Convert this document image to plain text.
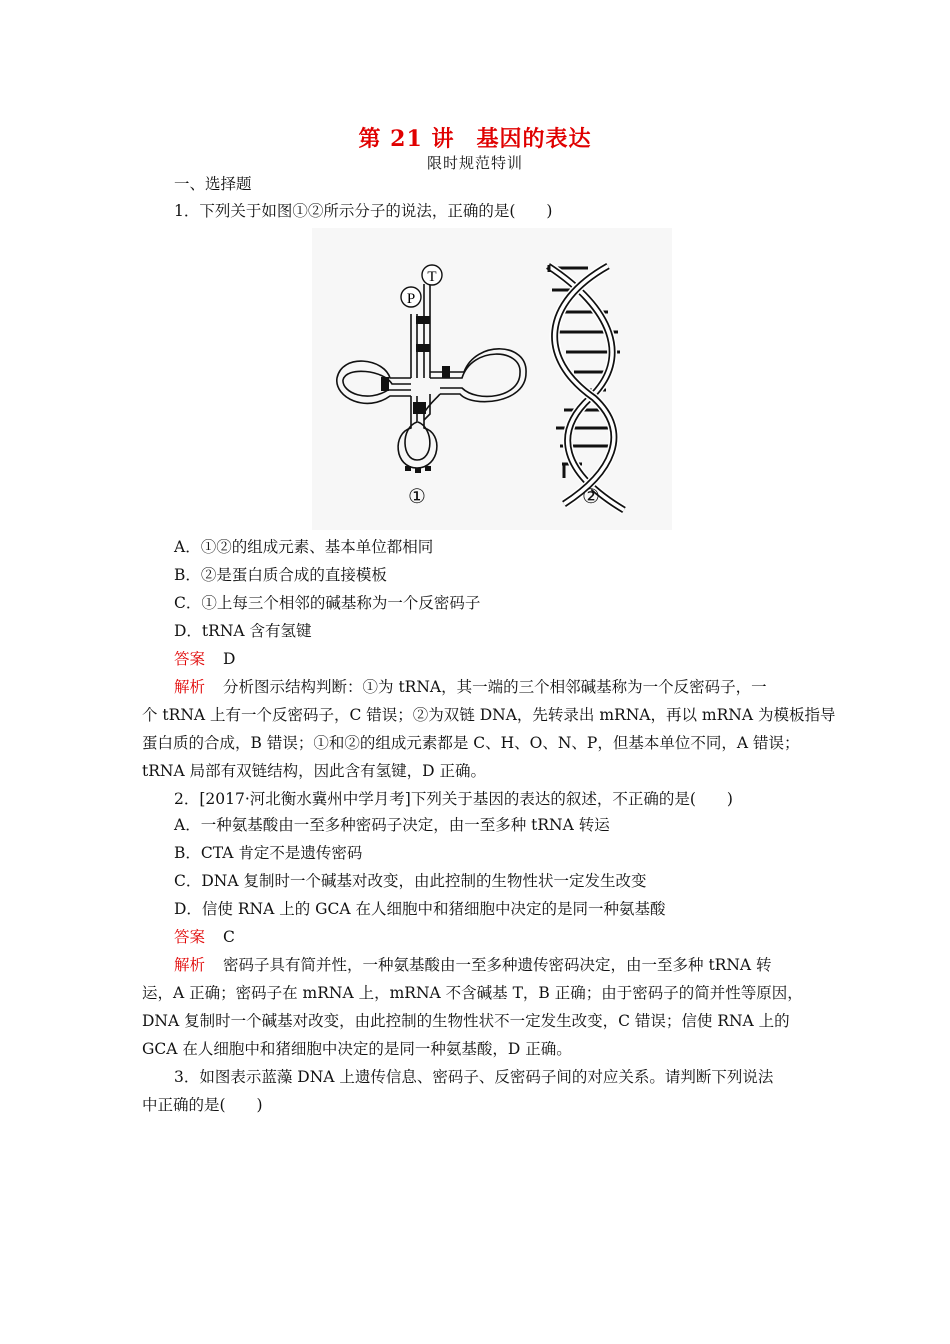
第 21 讲 基因的表达
限时规范特训
一、选择题
1．下列关于如图①②所示分子的说法，正确的是(　　)
P
T
①	②
A．①②的组成元素、基本单位都相同
B．②是蛋白质合成的直接模板
C．①上每三个相邻的碱基称为一个反密码子
D．tRNA 含有氢键
答案 D
解析 分析图示结构判断：①为 tRNA，其一端的三个相邻碱基称为一个反密码子，一
个 tRNA 上有一个反密码子，C 错误；②为双链 DNA，先转录出 mRNA，再以 mRNA 为模板指导
蛋白质的合成，B 错误；①和②的组成元素都是 C、H、O、N、P，但基本单位不同，A 错误；
tRNA 局部有双链结构，因此含有氢键，D 正确。
2．[2017·河北衡水冀州中学月考]下列关于基因的表达的叙述，不正确的是(　　)
A．一种氨基酸由一至多种密码子决定，由一至多种 tRNA 转运
B．CTA 肯定不是遗传密码
C．DNA 复制时一个碱基对改变，由此控制的生物性状一定发生改变
D．信使 RNA 上的 GCA 在人细胞中和猪细胞中决定的是同一种氨基酸
答案 C
解析 密码子具有简并性，一种氨基酸由一至多种遗传密码决定，由一至多种 tRNA 转
运，A 正确；密码子在 mRNA 上，mRNA 不含碱基 T，B 正确；由于密码子的简并性等原因，
DNA 复制时一个碱基对改变，由此控制的生物性状不一定发生改变，C 错误；信使 RNA 上的
GCA 在人细胞中和猪细胞中决定的是同一种氨基酸，D 正确。
3．如图表示蓝藻 DNA 上遗传信息、密码子、反密码子间的对应关系。请判断下列说法
中正确的是(　　)
